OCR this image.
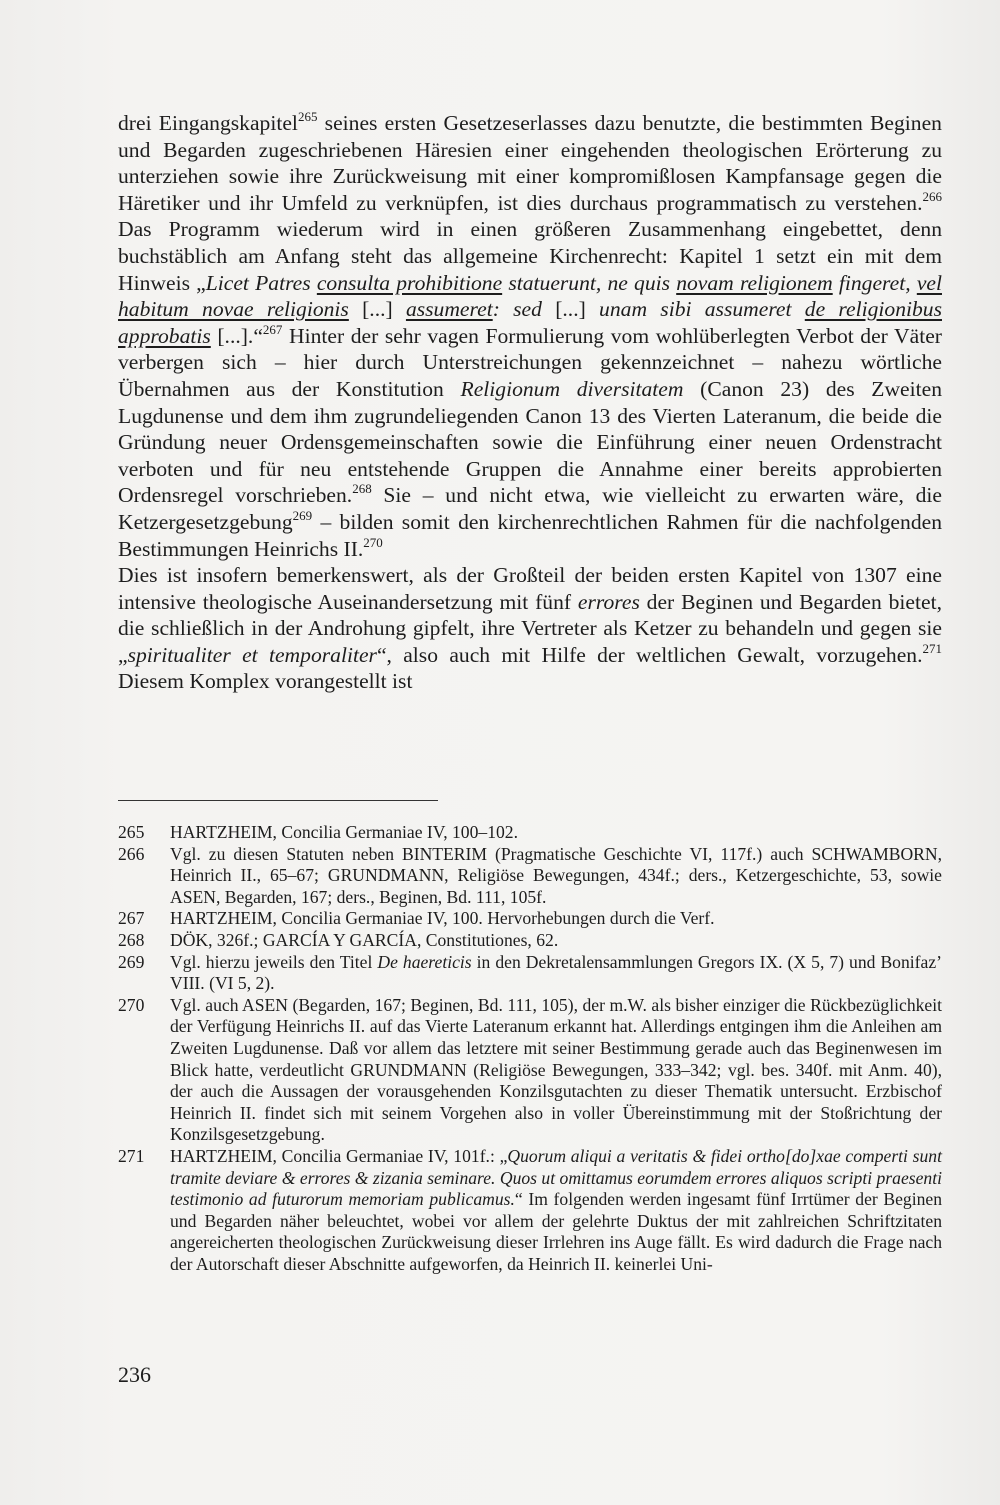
drei Eingangskapitel$^{265}$ seines ersten Gesetzeserlasses dazu benutzte, die bestimmten Beginen und Begarden zugeschriebenen Häresien einer eingehenden theologischen Erörterung zu unterziehen sowie ihre Zurückweisung mit einer kompromißlosen Kampfansage gegen die Häretiker und ihr Umfeld zu verknüpfen, ist dies durchaus programmatisch zu verstehen.$^{266}$ Das Programm wiederum wird in einen größeren Zusammenhang eingebettet, denn buchstäblich am Anfang steht das allgemeine Kirchenrecht: Kapitel 1 setzt ein mit dem Hinweis „Licet Patres consulta prohibitione statuerunt, ne quis novam religionem fingeret, vel habitum novae religionis [...] assumeret: sed [...] unam sibi assumeret de religionibus approbatis [...].“$^{267}$ Hinter der sehr vagen Formulierung vom wohlüberlegten Verbot der Väter verbergen sich – hier durch Unterstreichungen gekennzeichnet – nahezu wörtliche Übernahmen aus der Konstitution Religionum diversitatem (Canon 23) des Zweiten Lugdunense und dem ihm zugrundeliegenden Canon 13 des Vierten Lateranum, die beide die Gründung neuer Ordensgemeinschaften sowie die Einführung einer neuen Ordenstracht verboten und für neu entstehende Gruppen die Annahme einer bereits approbierten Ordensregel vorschrieben.$^{268}$ Sie – und nicht etwa, wie vielleicht zu erwarten wäre, die Ketzergesetzgebung$^{269}$ – bilden somit den kirchenrechtlichen Rahmen für die nachfolgenden Bestimmungen Heinrichs II.$^{270}$

Dies ist insofern bemerkenswert, als der Großteil der beiden ersten Kapitel von 1307 eine intensive theologische Auseinandersetzung mit fünf errores der Beginen und Begarden bietet, die schließlich in der Androhung gipfelt, ihre Vertreter als Ketzer zu behandeln und gegen sie „spiritualiter et temporaliter“, also auch mit Hilfe der weltlichen Gewalt, vorzugehen.$^{271}$ Diesem Komplex vorangestellt ist

265	HARTZHEIM, Concilia Germaniae IV, 100–102.
266	Vgl. zu diesen Statuten neben BINTERIM (Pragmatische Geschichte VI, 117f.) auch SCHWAMBORN, Heinrich II., 65–67; GRUNDMANN, Religiöse Bewegungen, 434f.; ders., Ketzergeschichte, 53, sowie ASEN, Begarden, 167; ders., Beginen, Bd. 111, 105f.
267	HARTZHEIM, Concilia Germaniae IV, 100. Hervorhebungen durch die Verf.
268	DÖK, 326f.; GARCÍA Y GARCÍA, Constitutiones, 62.
269	Vgl. hierzu jeweils den Titel De haereticis in den Dekretalensammlungen Gregors IX. (X 5, 7) und Bonifaz’ VIII. (VI 5, 2).
270	Vgl. auch ASEN (Begarden, 167; Beginen, Bd. 111, 105), der m.W. als bisher einziger die Rückbezüglichkeit der Verfügung Heinrichs II. auf das Vierte Lateranum erkannt hat. Allerdings entgingen ihm die Anleihen am Zweiten Lugdunense. Daß vor allem das letztere mit seiner Bestimmung gerade auch das Beginenwesen im Blick hatte, verdeutlicht GRUNDMANN (Religiöse Bewegungen, 333–342; vgl. bes. 340f. mit Anm. 40), der auch die Aussagen der vorausgehenden Konzilsgutachten zu dieser Thematik untersucht. Erzbischof Heinrich II. findet sich mit seinem Vorgehen also in voller Übereinstimmung mit der Stoßrichtung der Konzilsgesetzgebung.
271	HARTZHEIM, Concilia Germaniae IV, 101f.: „Quorum aliqui a veritatis & fidei ortho[do]xae comperti sunt tramite deviare & errores & zizania seminare. Quos ut omittamus eorumdem errores aliquos scripti praesenti testimonio ad futurorum memoriam publicamus.“ Im folgenden werden ingesamt fünf Irrtümer der Beginen und Begarden näher beleuchtet, wobei vor allem der gelehrte Duktus der mit zahlreichen Schriftzitaten angereicherten theologischen Zurückweisung dieser Irrlehren ins Auge fällt. Es wird dadurch die Frage nach der Autorschaft dieser Abschnitte aufgeworfen, da Heinrich II. keinerlei Uni-
236
